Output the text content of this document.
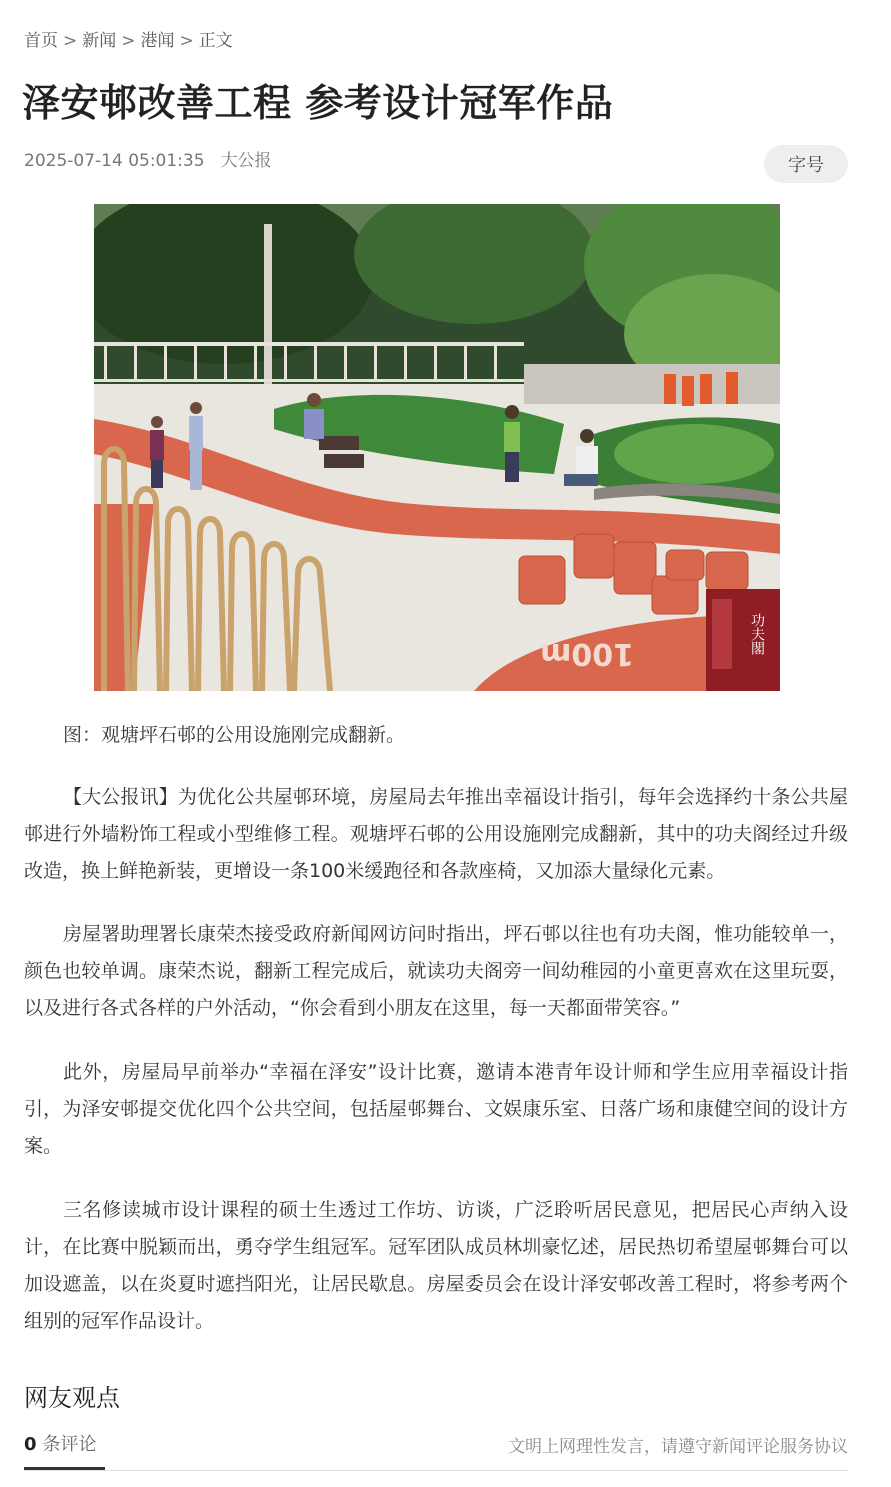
首页 > 新闻 > 港闻 > 正文
泽安邨改善工程 参考设计冠军作品
2025-07-14 05:01:35 大公报	字号
功夫閣
100m

图：观塘坪石邨的公用设施刚完成翻新。

【大公报讯】为优化公共屋邨环境，房屋局去年推出幸福设计指引，每年会选择约十条公共屋邨进行外墙粉饰工程或小型维修工程。观塘坪石邨的公用设施刚完成翻新，其中的功夫阁经过升级改造，换上鲜艳新装，更增设一条100米缓跑径和各款座椅，又加添大量绿化元素。

房屋署助理署长康荣杰接受政府新闻网访问时指出，坪石邨以往也有功夫阁，惟功能较单一，颜色也较单调。康荣杰说，翻新工程完成后，就读功夫阁旁一间幼稚园的小童更喜欢在这里玩耍，以及进行各式各样的户外活动，“你会看到小朋友在这里，每一天都面带笑容。”

此外，房屋局早前举办“幸福在泽安”设计比赛，邀请本港青年设计师和学生应用幸福设计指引，为泽安邨提交优化四个公共空间，包括屋邨舞台、文娱康乐室、日落广场和康健空间的设计方案。

三名修读城市设计课程的硕士生透过工作坊、访谈，广泛聆听居民意见，把居民心声纳入设计，在比赛中脱颖而出，勇夺学生组冠军。冠军团队成员林圳豪忆述，居民热切希望屋邨舞台可以加设遮盖，以在炎夏时遮挡阳光，让居民歇息。房屋委员会在设计泽安邨改善工程时，将参考两个组别的冠军作品设计。

网友观点
0 条评论	文明上网理性发言，请遵守新闻评论服务协议
